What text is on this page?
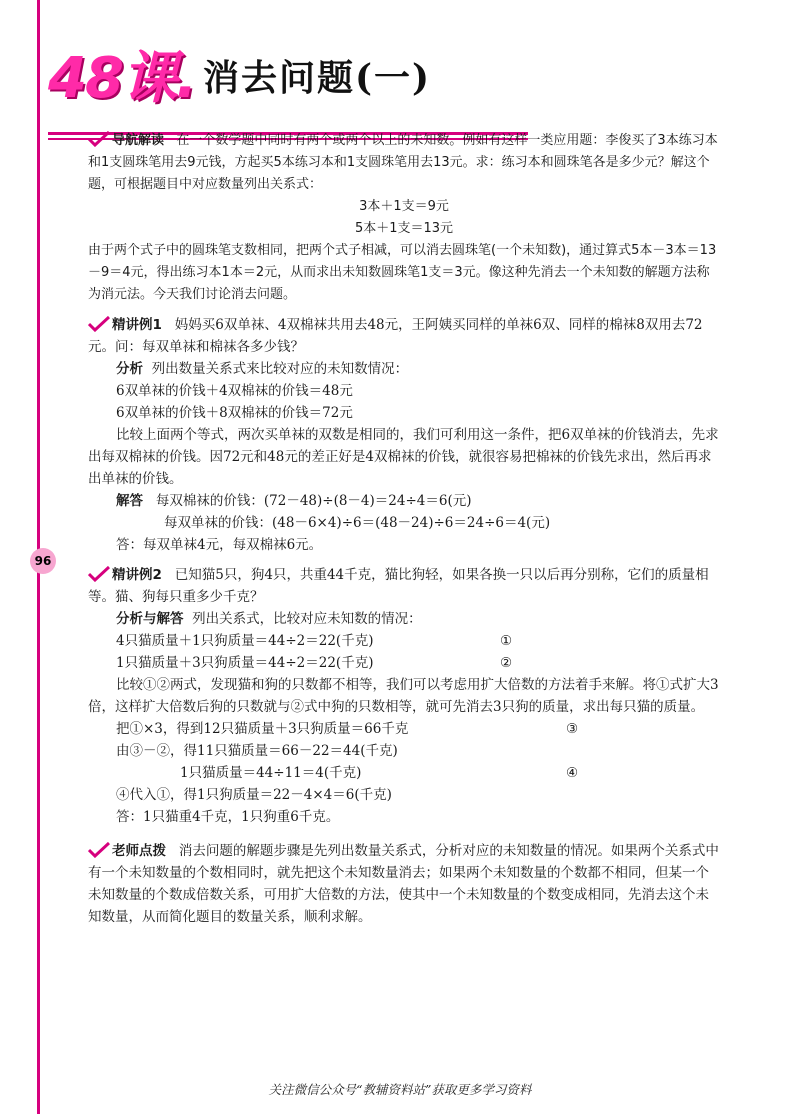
48课. 消去问题(一)
96

导航解读 在一个数学题中同时有两个或两个以上的未知数。例如有这样一类应用题：李俊买了3本练习本和1支圆珠笔用去9元钱，方起买5本练习本和1支圆珠笔用去13元。求：练习本和圆珠笔各是多少元？解这个题，可根据题目中对应数量列出关系式：

3本＋1支＝9元

5本＋1支＝13元

由于两个式子中的圆珠笔支数相同，把两个式子相减，可以消去圆珠笔(一个未知数)，通过算式5本－3本＝13－9＝4元，得出练习本1本＝2元，从而求出未知数圆珠笔1支＝3元。像这种先消去一个未知数的解题方法称为消元法。今天我们讨论消去问题。

精讲例1 妈妈买6双单袜、4双棉袜共用去48元，王阿姨买同样的单袜6双、同样的棉袜8双用去72元。问：每双单袜和棉袜各多少钱？

分析 列出数量关系式来比较对应的未知数情况：

6双单袜的价钱＋4双棉袜的价钱＝48元

6双单袜的价钱＋8双棉袜的价钱＝72元

比较上面两个等式，两次买单袜的双数是相同的，我们可利用这一条件，把6双单袜的价钱消去，先求出每双棉袜的价钱。因72元和48元的差正好是4双棉袜的价钱，就很容易把棉袜的价钱先求出，然后再求出单袜的价钱。

解答 每双棉袜的价钱：(72－48)÷(8－4)＝24÷4＝6(元)

每双单袜的价钱：(48－6×4)÷6＝(48－24)÷6＝24÷6＝4(元)

答：每双单袜4元，每双棉袜6元。

精讲例2 已知猫5只，狗4只，共重44千克，猫比狗轻，如果各换一只以后再分别称，它们的质量相等。猫、狗每只重多少千克？

分析与解答 列出关系式，比较对应未知数的情况：

4只猫质量＋1只狗质量＝44÷2＝22(千克)	①
1只猫质量＋3只狗质量＝44÷2＝22(千克)	②

比较①②两式，发现猫和狗的只数都不相等，我们可以考虑用扩大倍数的方法着手来解。将①式扩大3倍，这样扩大倍数后狗的只数就与②式中狗的只数相等，就可先消去3只狗的质量，求出每只猫的质量。

把①×3，得到12只猫质量＋3只狗质量＝66千克	③
由③－②，得11只猫质量＝66－22＝44(千克)
1只猫质量＝44÷11＝4(千克)	④
④代入①，得1只狗质量＝22－4×4＝6(千克)

答：1只猫重4千克，1只狗重6千克。

老师点拨 消去问题的解题步骤是先列出数量关系式，分析对应的未知数量的情况。如果两个关系式中有一个未知数量的个数相同时，就先把这个未知数量消去；如果两个未知数量的个数都不相同，但某一个未知数量的个数成倍数关系，可用扩大倍数的方法，使其中一个未知数量的个数变成相同，先消去这个未知数量，从而简化题目的数量关系，顺利求解。

关注微信公众号“教辅资料站”获取更多学习资料
